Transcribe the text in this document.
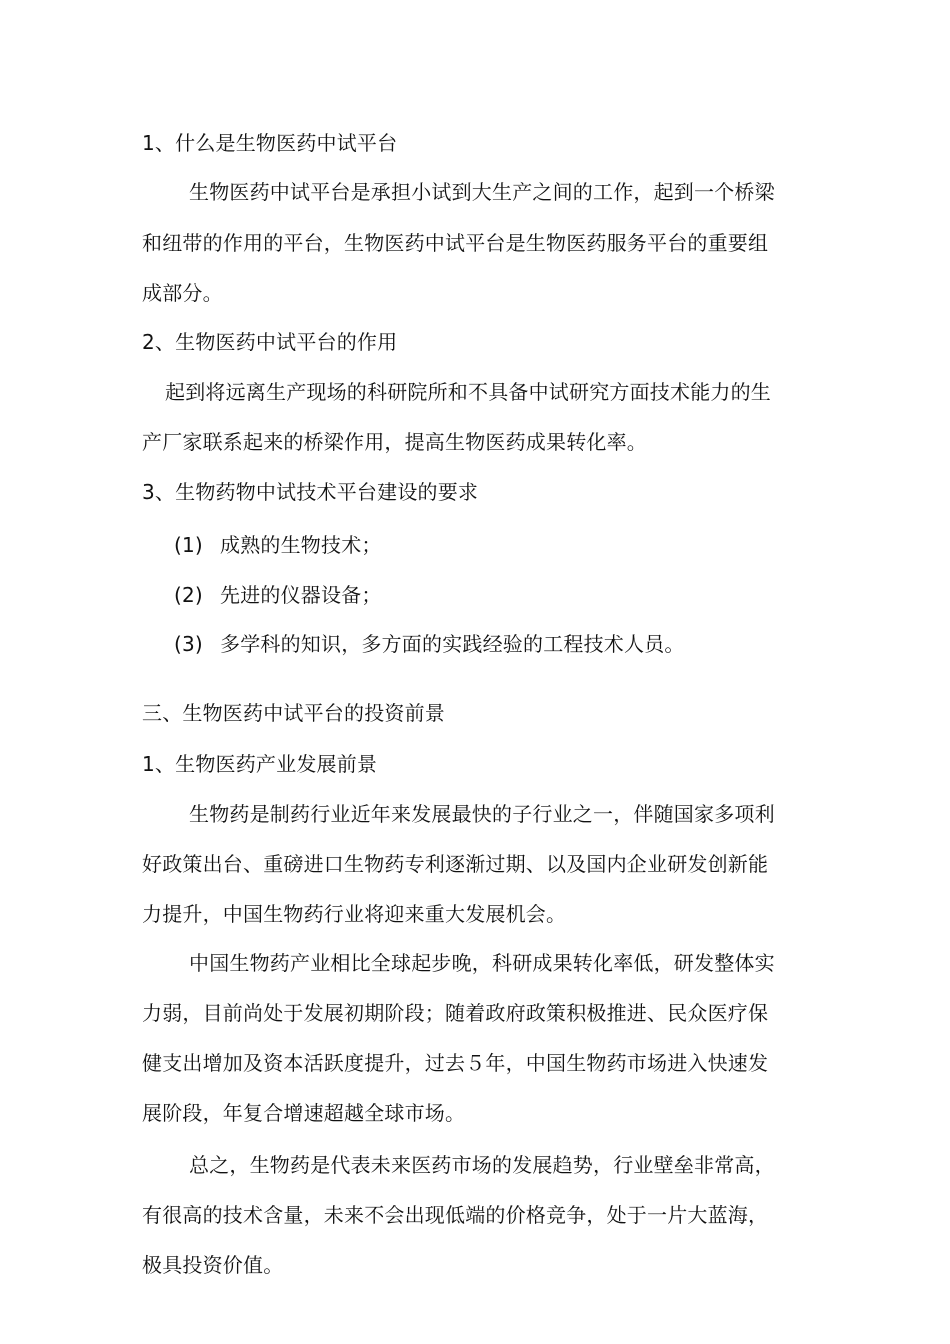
1、什么是生物医药中试平台
生物医药中试平台是承担小试到大生产之间的工作，起到一个桥梁
和纽带的作用的平台，生物医药中试平台是生物医药服务平台的重要组
成部分。
2、生物医药中试平台的作用
起到将远离生产现场的科研院所和不具备中试研究方面技术能力的生
产厂家联系起来的桥梁作用，提高生物医药成果转化率。
3、生物药物中试技术平台建设的要求
(1) 成熟的生物技术；
(2) 先进的仪器设备；
(3) 多学科的知识，多方面的实践经验的工程技术人员。
三、生物医药中试平台的投资前景
1、生物医药产业发展前景
生物药是制药行业近年来发展最快的子行业之一，伴随国家多项利
好政策出台、重磅进口生物药专利逐渐过期、以及国内企业研发创新能
力提升，中国生物药行业将迎来重大发展机会。
中国生物药产业相比全球起步晚，科研成果转化率低，研发整体实
力弱，目前尚处于发展初期阶段；随着政府政策积极推进、民众医疗保
健支出增加及资本活跃度提升，过去５年，中国生物药市场进入快速发
展阶段，年复合增速超越全球市场。
总之，生物药是代表未来医药市场的发展趋势，行业壁垒非常高，
有很高的技术含量，未来不会出现低端的价格竞争，处于一片大蓝海，
极具投资价值。
